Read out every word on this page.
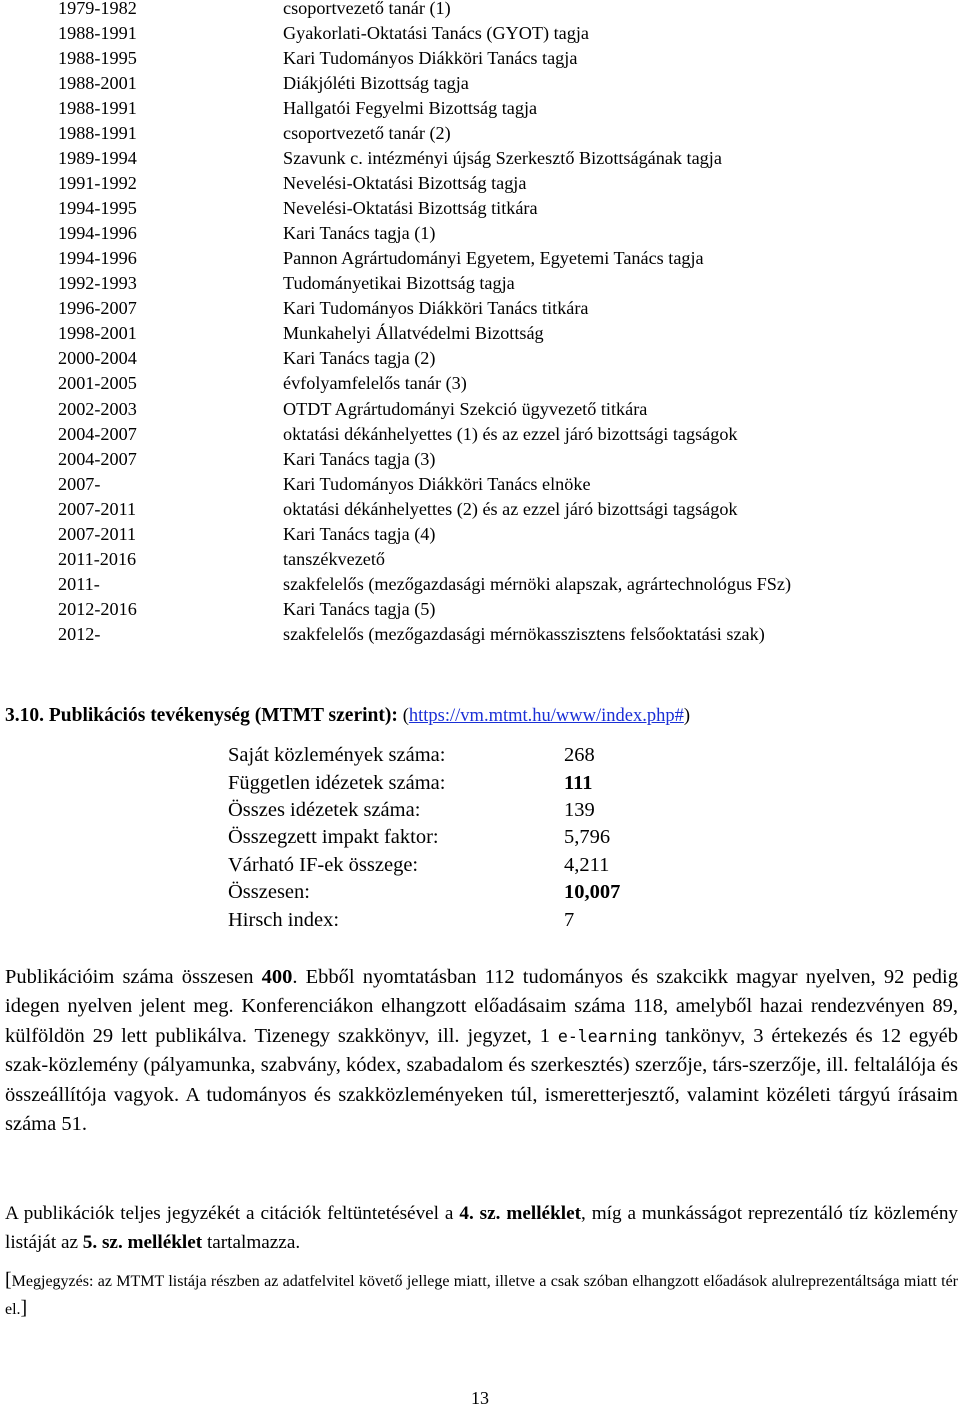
1979-1982	csoportvezető tanár (1)
1988-1991	Gyakorlati-Oktatási Tanács (GYOT) tagja
1988-1995	Kari Tudományos Diákköri Tanács tagja
1988-2001	Diákjóléti Bizottság tagja
1988-1991	Hallgatói Fegyelmi Bizottság tagja
1988-1991	csoportvezető tanár (2)
1989-1994	Szavunk c. intézményi újság Szerkesztő Bizottságának tagja
1991-1992	Nevelési-Oktatási Bizottság tagja
1994-1995	Nevelési-Oktatási Bizottság titkára
1994-1996	Kari Tanács tagja (1)
1994-1996	Pannon Agrártudományi Egyetem, Egyetemi Tanács tagja
1992-1993	Tudományetikai Bizottság tagja
1996-2007	Kari Tudományos Diákköri Tanács titkára
1998-2001	Munkahelyi Állatvédelmi Bizottság
2000-2004	Kari Tanács tagja (2)
2001-2005	évfolyamfelelős tanár (3)
2002-2003	OTDT Agrártudományi Szekció ügyvezető titkára
2004-2007	oktatási dékánhelyettes (1) és az ezzel járó bizottsági tagságok
2004-2007	Kari Tanács tagja (3)
2007-	Kari Tudományos Diákköri Tanács elnöke
2007-2011	oktatási dékánhelyettes (2) és az ezzel járó bizottsági tagságok
2007-2011	Kari Tanács tagja (4)
2011-2016	tanszékvezető
2011-	szakfelelős (mezőgazdasági mérnöki alapszak, agrártechnológus FSz)
2012-2016	Kari Tanács tagja (5)
2012-	szakfelelős (mezőgazdasági mérnökasszisztens felsőoktatási szak)
3.10. Publikációs tevékenység (MTMT szerint): (https://vm.mtmt.hu/www/index.php#)
Saját közlemények száma:	268
Független idézetek száma:	111
Összes idézetek száma:	139
Összegzett impakt faktor:	5,796
Várható IF-ek összege:	4,211
Összesen:	10,007
Hirsch index:	7

Publikációim száma összesen 400. Ebből nyomtatásban 112 tudományos és szakcikk magyar nyelven, 92 pedig idegen nyelven jelent meg. Konferenciákon elhangzott előadásaim száma 118, amelyből hazai rendezvényen 89, külföldön 29 lett publikálva. Tizenegy szakkönyv, ill. jegyzet, 1 e-learning tankönyv, 3 értekezés és 12 egyéb szak-közlemény (pályamunka, szabvány, kódex, szabadalom és szerkesztés) szerzője, társ-szerzője, ill. feltalálója és összeállítója vagyok. A tudományos és szakközleményeken túl, ismeretterjesztő, valamint közéleti tárgyú írásaim száma 51.

A publikációk teljes jegyzékét a citációk feltüntetésével a 4. sz. melléklet, míg a munkásságot reprezentáló tíz közlemény listáját az 5. sz. melléklet tartalmazza.

[Megjegyzés: az MTMT listája részben az adatfelvitel követő jellege miatt, illetve a csak szóban elhangzott előadások alulreprezentáltsága miatt tér el.]

13
